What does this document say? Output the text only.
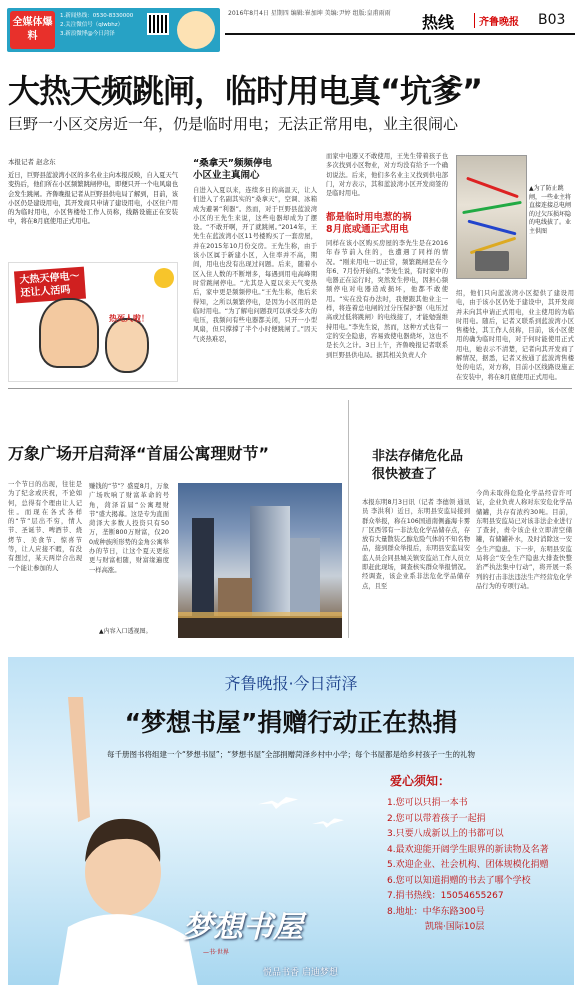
全媒体爆料
1.新闻热线：0530-8330000
2.关注微信号（qlwbhz）
3.新浪微博@今日菏泽
2016年8月4日 星期四 编辑:崔加坤 美编:尹婷 组版:皇甫雨雨	热线	齐鲁晚报 B03
大热天频跳闸，临时用电真“坑爹”
巨野一小区交房近一年，仍是临时用电；无法正常用电，业主很闹心
本报记者 赵念东
近日，巨野县蓝波湾小区的多名业主向本报反映，自入夏天气变热后，他们所在小区频繁跳闸停电，即便只开一个电风扇也会发生跳闸。齐鲁晚报记者从巨野县供电局了解到，目前，该小区仍是建设用电，其开发商只申请了建设用电，小区住户用的为临时用电，小区售楼处工作人员称，线路设施正在安装中，将在8月底使用正式用电。
大热天停电～
还让人活吗
热死人啦！
“桑拿天”频频停电
小区业主真闹心
自进入入夏以来，连续多日的高温天，让人们进入了名副其实的“桑拿天”，空调、冰箱成为避暑“利器”。然而，对于巨野县蓝波湾小区的王先生来说，这些电器却成为了摆设。“不敢开啊，开了就跳闸。”2014年，王先生在蓝波湾小区11号楼购买了一套房屋，并在2015年10月份交房。王先生称，由于该小区属于新建小区，入住率并不高，期间，用电也没有出现过问题。后来，随着小区入住人数的不断增多，每遇到用电高峰期时常跳闸停电。“尤其是入夏以来天气变热后，家中更是频频停电。”王先生称，他后来得知，之所以频繁停电，是因为小区用的是临时用电。“为了解电问题我可以承受多大的电压，我频问有些电器都关闭，只开一小型风扇，但只撑撑了半个小时便跳闸了。”因天气炎热难忍，
而家中电器又不敢使用，王先生带着孩子也多次找到小区物业，对方均没有给予一个确切说法。后来，他们多名业主又找到供电部门，对方表示，其和蓝波湾小区开发商签的是临时用电。
都是临时用电惹的祸
8月底或通正式用电
同样在该小区购买房屋的李先生是在2016年春节前入住的，也遭遇了同样的情况。“刚来用电一切正常，频繁跳闸是在今年6、7月份开始的。”李先生说，有时家中的电器正在运行时，突然发生停电，因担心频频停电对电器造成损坏，他都不敢使用。“实在没有办法时，我便跟其他业主一样，将连着总电闸的过分压保护器（电压过高或过低将跳闸）的电线接了，才能勉强维持用电。”李先生说，然而，这种方式也有一定的安全隐患，容易致使电器烧坏，这也不是长久之计。3日上午，齐鲁晚报记者联系到巨野县供电局。据其相关负责人介
▲为了防止跳闸，一些业主将直接连接总电闸的过欠压损坏隐的电线拔了。业主供图
绍，他们只向蓝波湾小区提供了建设用电，由于该小区仍处于建设中，其开发商并未向其申请正式用电，业主使用的为临时用电。随后，记者又联系到蓝波湾小区售楼处，其工作人员称，目前，该小区使用的确为临时用电，对于何时能使用正式用电，她表示不清楚，记者向其开发商了解情况，据悉，记者又按通了蓝波湾售楼处的电话，对方称，目前小区线路设施正在安装中，将在8月底使用正式用电。
万象广场开启菏泽“首届公寓理财节”
一个节日的出现，往往是为了纪念或庆祝，不论如何，总得有个理由让人记住。而现在各式各样的“节”层出不穷，情人节、圣诞节、啤酒节、烧烤节、美食节、惊喜节等，让人应接不暇，有没有想过，某天两岸合出现一个能让参加的人
赚钱的“节”？盛夏8月，万象广场吹响了财富革命的号角，菏泽首届“公寓理财节”盛大揭幕。这是专为直面菏泽大多数人投资只有50万，垄断800万财富，仅200成种族所形势的金角公寓举办的节日，让这个夏天更炫更与财富相随，财富缘遍度一样高涨。
▲内容入口透视图。
非法存储危化品
很快被查了
本报东明8月3日讯（记者 李德领 通讯员 李洪利）近日，东明县安监局接到群众举报，称在106国道南侧鑫海卡雾厂区西邻有一非法危化学品储存点，存放有大量散装乙醇危险气体的不知名物品，接到群众举报后，东明县安监局安监人员会同县城关镇安监站工作人员立即赶此现场，调查核实群众举报情况。经调查，该企业系非法危化学品储存点，且至
今尚未取得危险化学品经营许可证，企业负责人称对东安危化学品储罐，共存有浓约30吨。目前，东明县安监局已对该非法企业进行了查封，责令该企业立即清空储罐，有储罐补水，及时消除这一安全生产隐患。下一步，东明县安监局将会“安全生产隐患大排查快整治严执法集中行动”，将开展一系列的打击非法违法生产经营危化学品行为的专项行动。
齐鲁晚报·今日菏泽
“梦想书屋”捐赠行动正在热捐
每千册图书将组建一个“梦想书屋”；“梦想书屋”全部捐赠菏泽乡村中小学；每个书屋都是给乡村孩子一生的礼物
爱心须知：
1.您可以只捐一本书
2.您可以带着孩子一起捐
3.只要八成新以上的书都可以
4.最欢迎能开阔学生眼界的新读物及名著
5.欢迎企业、社会机构、团体规模化捐赠
6.您可以知道捐赠的书去了哪个学校
7.捐书热线：15054655267
8.地址：中华东路300号
凯瑞·国际10层
梦想书屋
—书·世界
悦品书香 启迪梦想
